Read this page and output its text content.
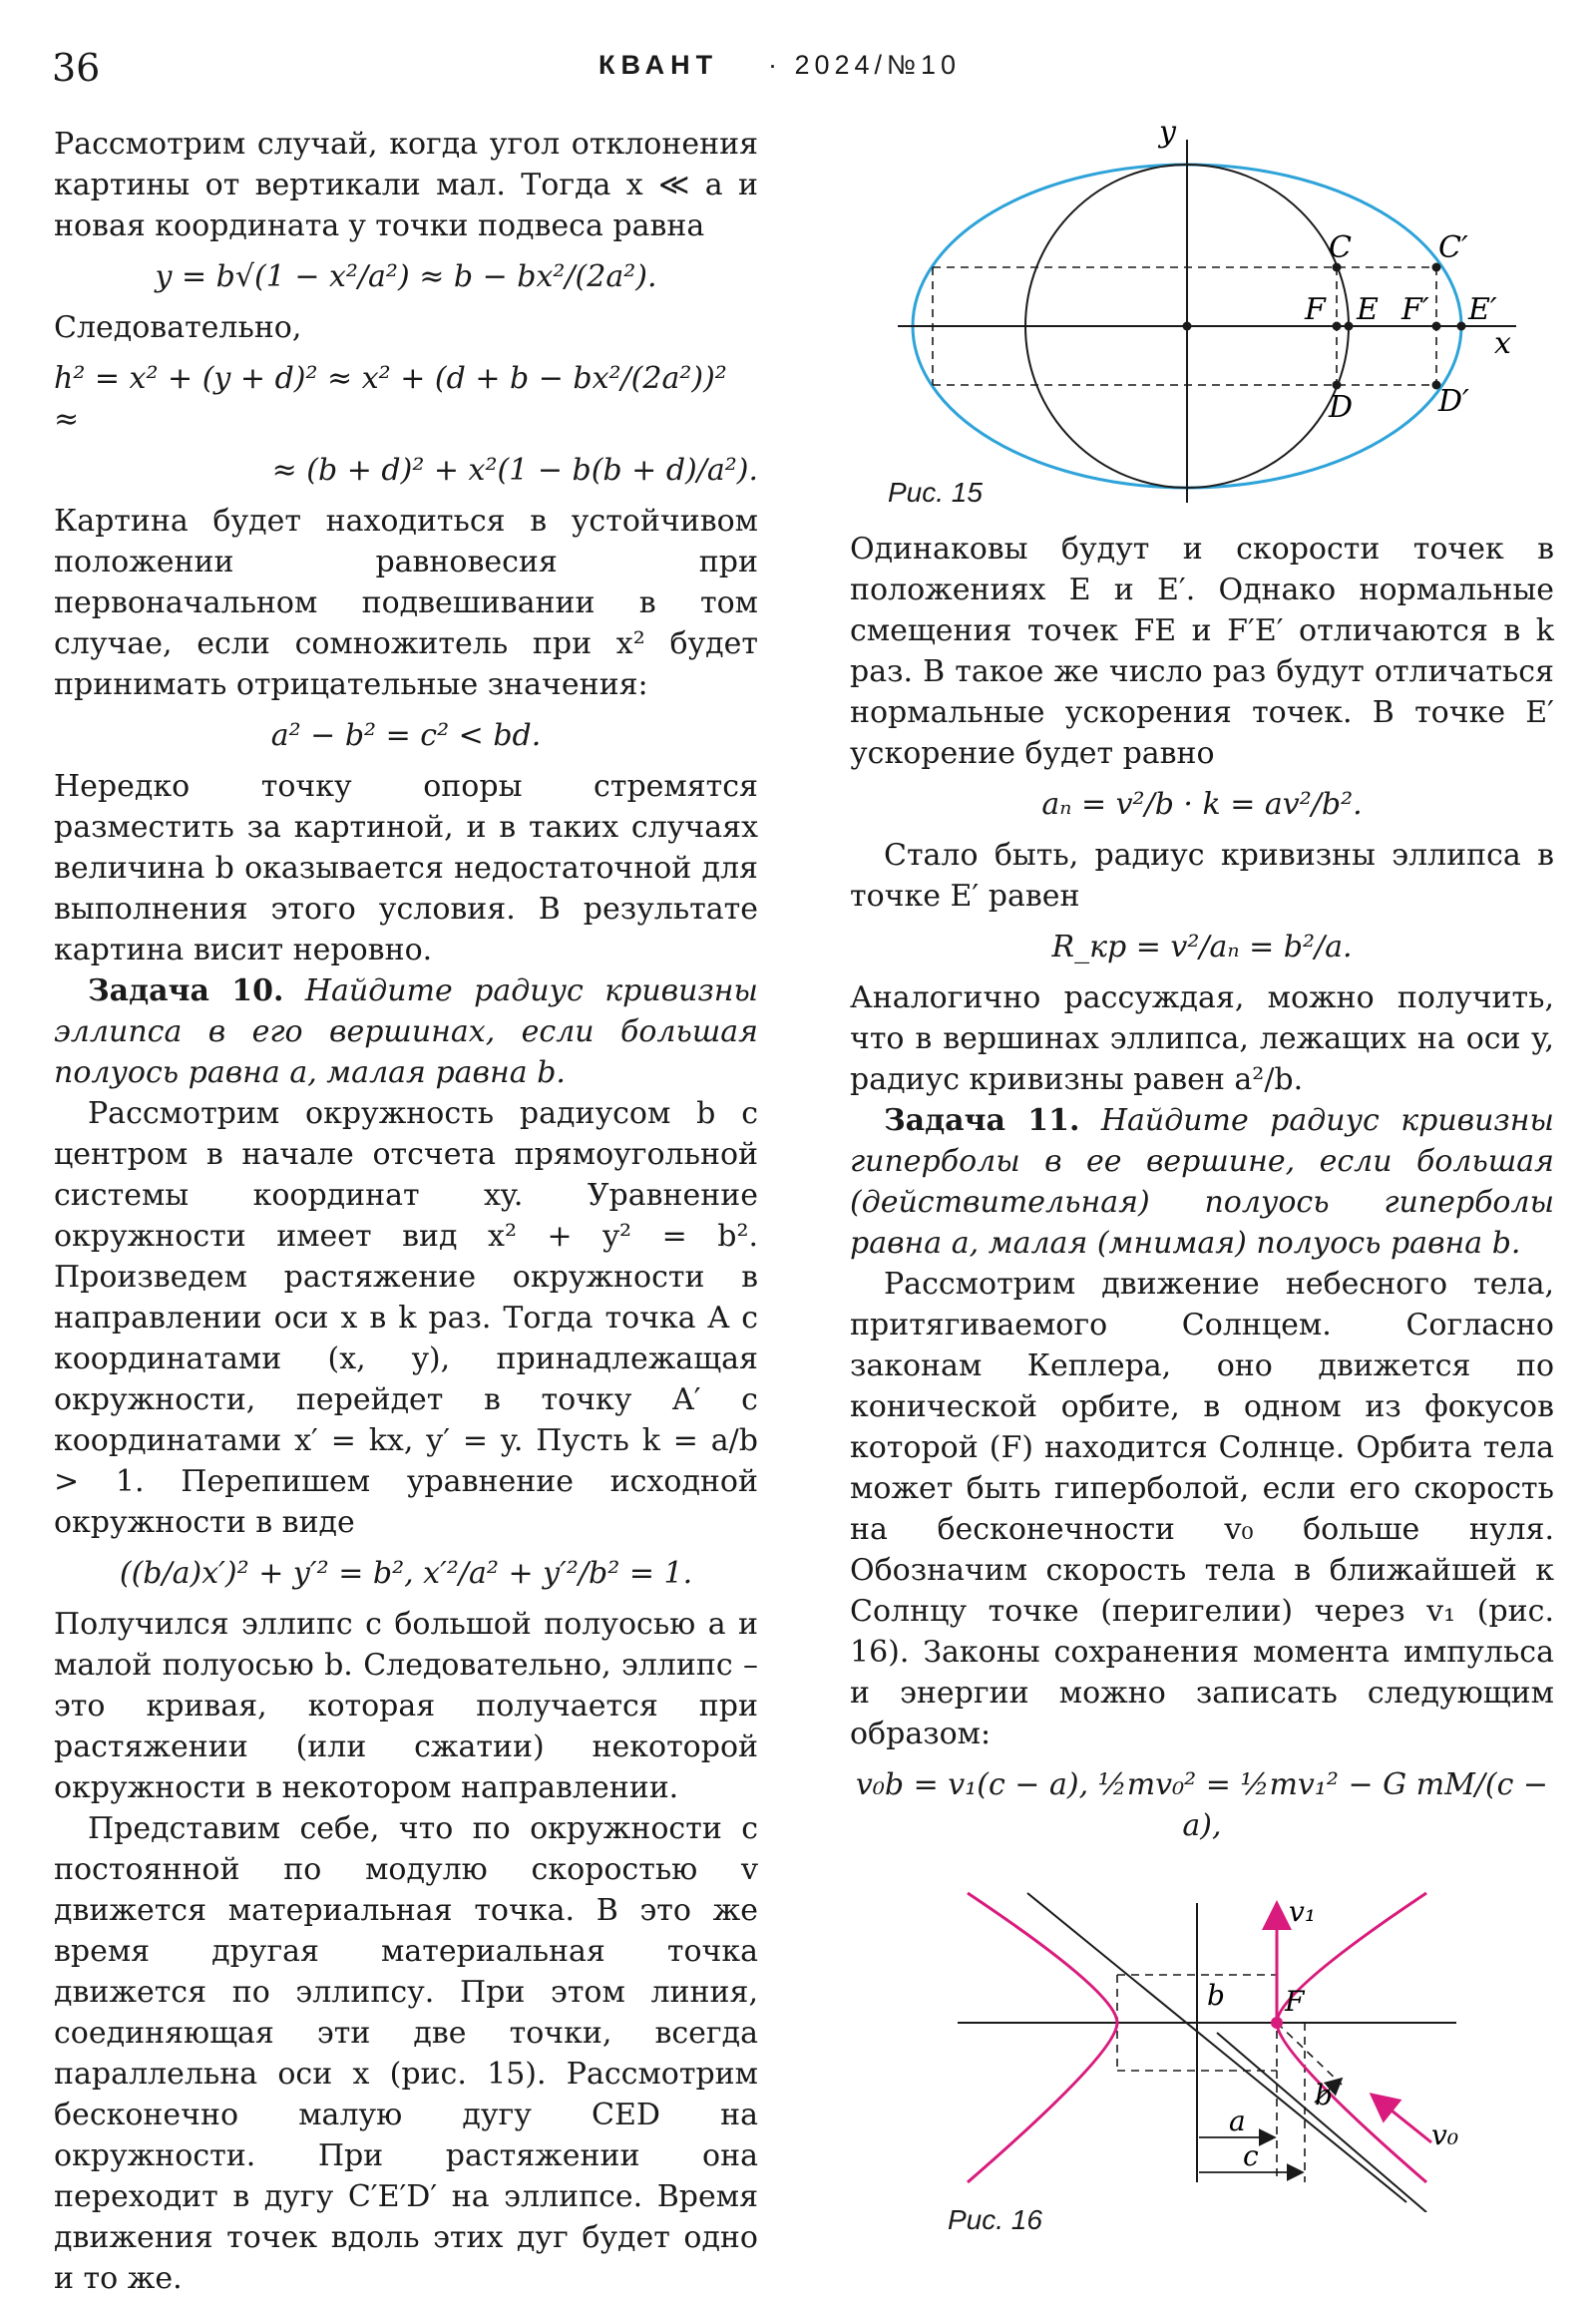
36	КВАНТ · 2024/№10

Рассмотрим случай, когда угол отклонения картины от вертикали мал. Тогда x ≪ a и новая координата y точки подвеса равна

y = b√(1 − x²/a²) ≈ b − bx²/(2a²).

Следовательно,

h² = x² + (y + d)² ≈ x² + (d + b − bx²/(2a²))² ≈

≈ (b + d)² + x²(1 − b(b + d)/a²).

Картина будет находиться в устойчивом положении равновесия при первоначальном подвешивании в том случае, если сомножитель при x² будет принимать отрицательные значения:

a² − b² = c² < bd.

Нередко точку опоры стремятся разместить за картиной, и в таких случаях величина b оказывается недостаточной для выполнения этого условия. В результате картина висит неровно.

Задача 10. Найдите радиус кривизны эллипса в его вершинах, если большая полуось равна a, малая равна b.

Рассмотрим окружность радиусом b с центром в начале отсчета прямоугольной системы координат xy. Уравнение окружности имеет вид x² + y² = b². Произведем растяжение окружности в направлении оси x в k раз. Тогда точка A с координатами (x, y), принадлежащая окружности, перейдет в точку A′ с координатами x′ = kx, y′ = y. Пусть k = a/b > 1. Перепишем уравнение исходной окружности в виде

((b/a)x′)² + y′² = b², x′²/a² + y′²/b² = 1.

Получился эллипс с большой полуосью a и малой полуосью b. Следовательно, эллипс – это кривая, которая получается при растяжении (или сжатии) некоторой окружности в некотором направлении.

Представим себе, что по окружности с постоянной по модулю скоростью v движется материальная точка. В это же время другая материальная точка движется по эллипсу. При этом линия, соединяющая эти две точки, всегда параллельна оси x (рис. 15). Рассмотрим бесконечно малую дугу CED на окружности. При растяжении она переходит в дугу C′E′D′ на эллипсе. Время движения точек вдоль этих дуг будет одно и то же.

y
x
C	C′
F E F′ E′
D	D′
Рис. 15

Одинаковы будут и скорости точек в положениях E и E′. Однако нормальные смещения точек FE и F′E′ отличаются в k раз. В такое же число раз будут отличаться нормальные ускорения точек. В точке E′ ускорение будет равно

aₙ = v²/b · k = av²/b².

Стало быть, радиус кривизны эллипса в точке E′ равен

R_кр = v²/aₙ = b²/a.

Аналогично рассуждая, можно получить, что в вершинах эллипса, лежащих на оси y, радиус кривизны равен a²/b.

Задача 11. Найдите радиус кривизны гиперболы в ее вершине, если большая (действительная) полуось гиперболы равна a, малая (мнимая) полуось равна b.

Рассмотрим движение небесного тела, притягиваемого Солнцем. Согласно законам Кеплера, оно движется по конической орбите, в одном из фокусов которой (F) находится Солнце. Орбита тела может быть гиперболой, если его скорость на бесконечности v₀ больше нуля. Обозначим скорость тела в ближайшей к Солнцу точке (перигелии) через v₁ (рис. 16). Законы сохранения момента импульса и энергии можно записать следующим образом:

v₀b = v₁(c − a), ½mv₀² = ½mv₁² − G mM/(c − a),

v₁
F
b
b
v₀
a
c
Рис. 16
